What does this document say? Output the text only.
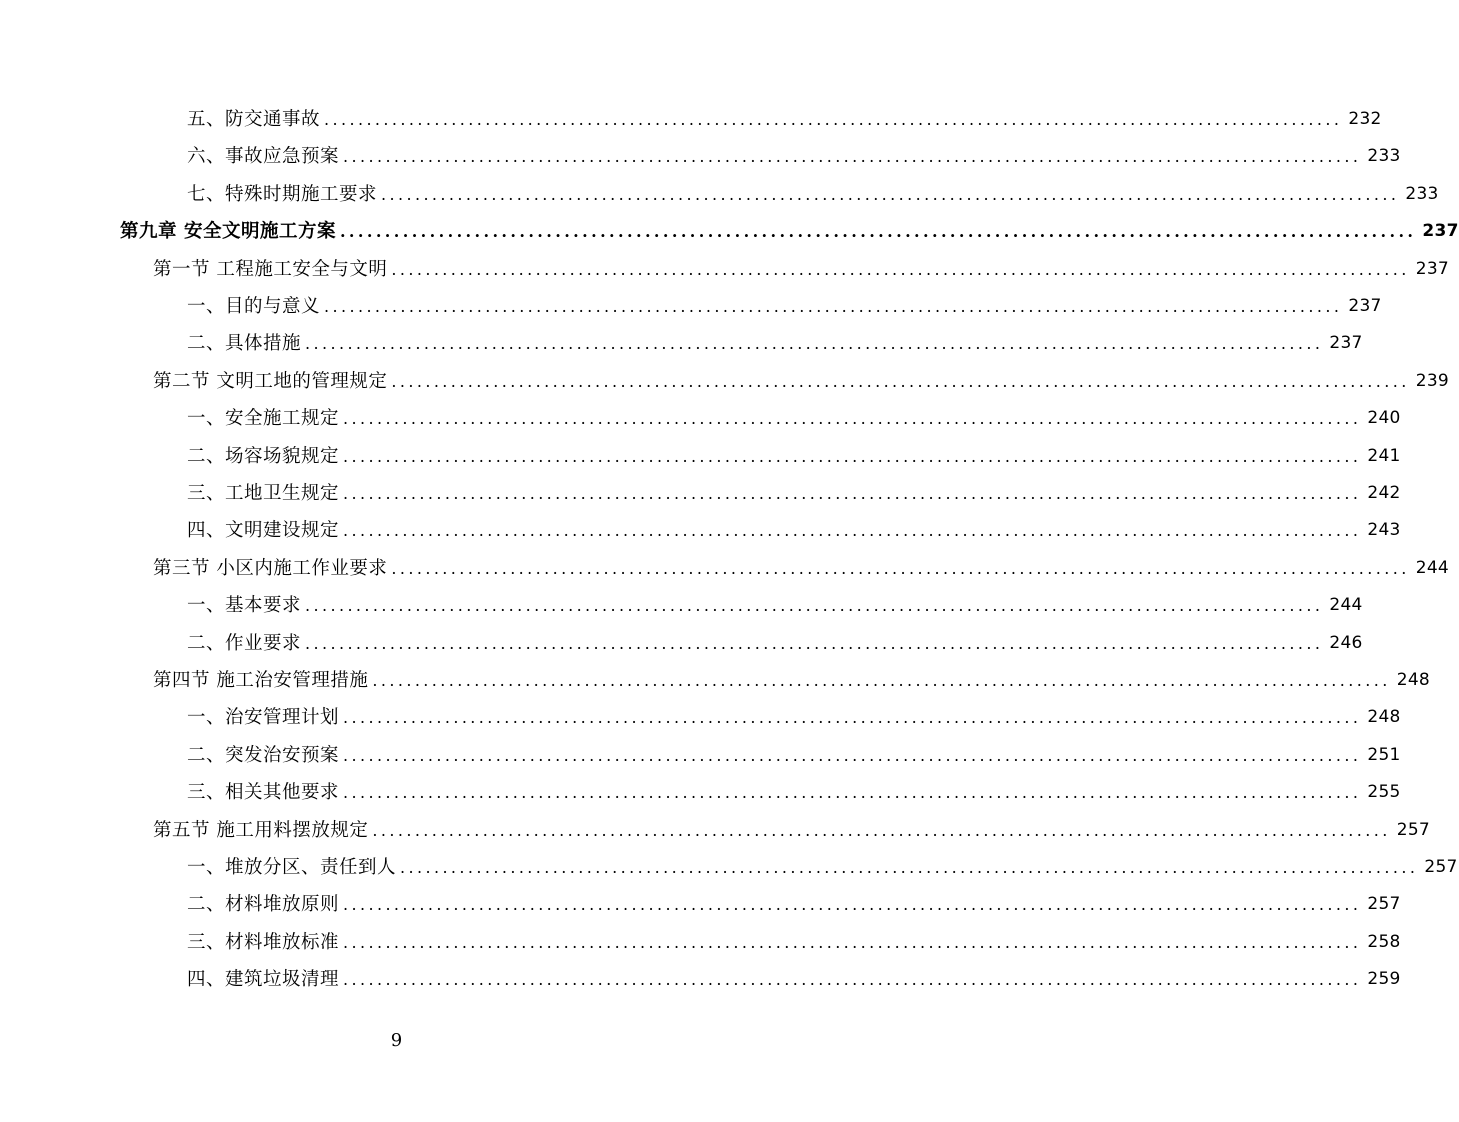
五、防交通事故 ........................................................................................................................ 232
六、事故应急预案 ........................................................................................................................ 233
七、特殊时期施工要求 ........................................................................................................................ 233
第九章 安全文明施工方案 ........................................................................................................................ 237
第一节 工程施工安全与文明 ........................................................................................................................ 237
一、目的与意义 ........................................................................................................................ 237
二、具体措施 ........................................................................................................................ 237
第二节 文明工地的管理规定 ........................................................................................................................ 239
一、安全施工规定 ........................................................................................................................ 240
二、场容场貌规定 ........................................................................................................................ 241
三、工地卫生规定 ........................................................................................................................ 242
四、文明建设规定 ........................................................................................................................ 243
第三节 小区内施工作业要求 ........................................................................................................................ 244
一、基本要求 ........................................................................................................................ 244
二、作业要求 ........................................................................................................................ 246
第四节 施工治安管理措施 ........................................................................................................................ 248
一、治安管理计划 ........................................................................................................................ 248
二、突发治安预案 ........................................................................................................................ 251
三、相关其他要求 ........................................................................................................................ 255
第五节 施工用料摆放规定 ........................................................................................................................ 257
一、堆放分区、责任到人 ........................................................................................................................ 257
二、材料堆放原则 ........................................................................................................................ 257
三、材料堆放标准 ........................................................................................................................ 258
四、建筑垃圾清理 ........................................................................................................................ 259
9
